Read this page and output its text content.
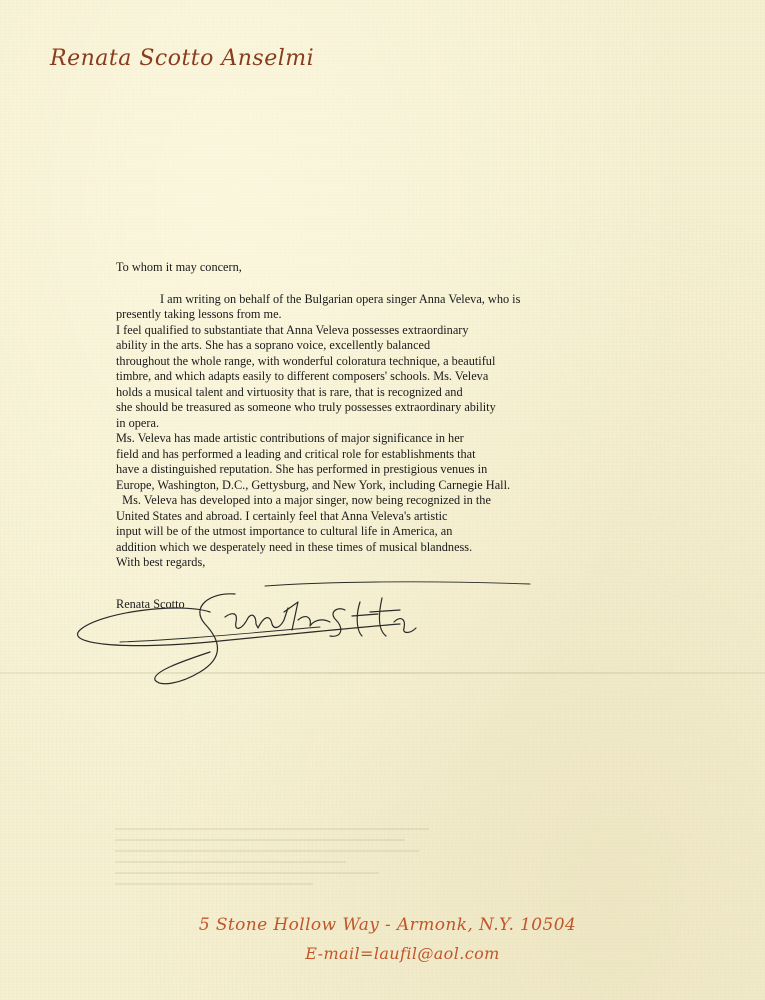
Renata Scotto Anselmi
To whom it may concern,
I am writing on behalf of the Bulgarian opera singer Anna Veleva, who is
presently taking lessons from me.
I feel qualified to substantiate that Anna Veleva possesses extraordinary
ability in the arts. She has a soprano voice, excellently balanced
throughout the whole range, with wonderful coloratura technique, a beautiful
timbre, and which adapts easily to different composers' schools. Ms. Veleva
holds a musical talent and virtuosity that is rare, that is recognized and
she should be treasured as someone who truly possesses extraordinary ability
in opera.
Ms. Veleva has made artistic contributions of major significance in her
field and has performed a leading and critical role for establishments that
have a distinguished reputation. She has performed in prestigious venues in
Europe, Washington, D.C., Gettysburg, and New York, including Carnegie Hall.
Ms. Veleva has developed into a major singer, now being recognized in the
United States and abroad. I certainly feel that Anna Veleva's artistic
input will be of the utmost importance to cultural life in America, an
addition which we desperately need in these times of musical blandness.
With best regards,
Renata Scotto
5 Stone Hollow Way - Armonk, N.Y. 10504
E-mail=laufil@aol.com
